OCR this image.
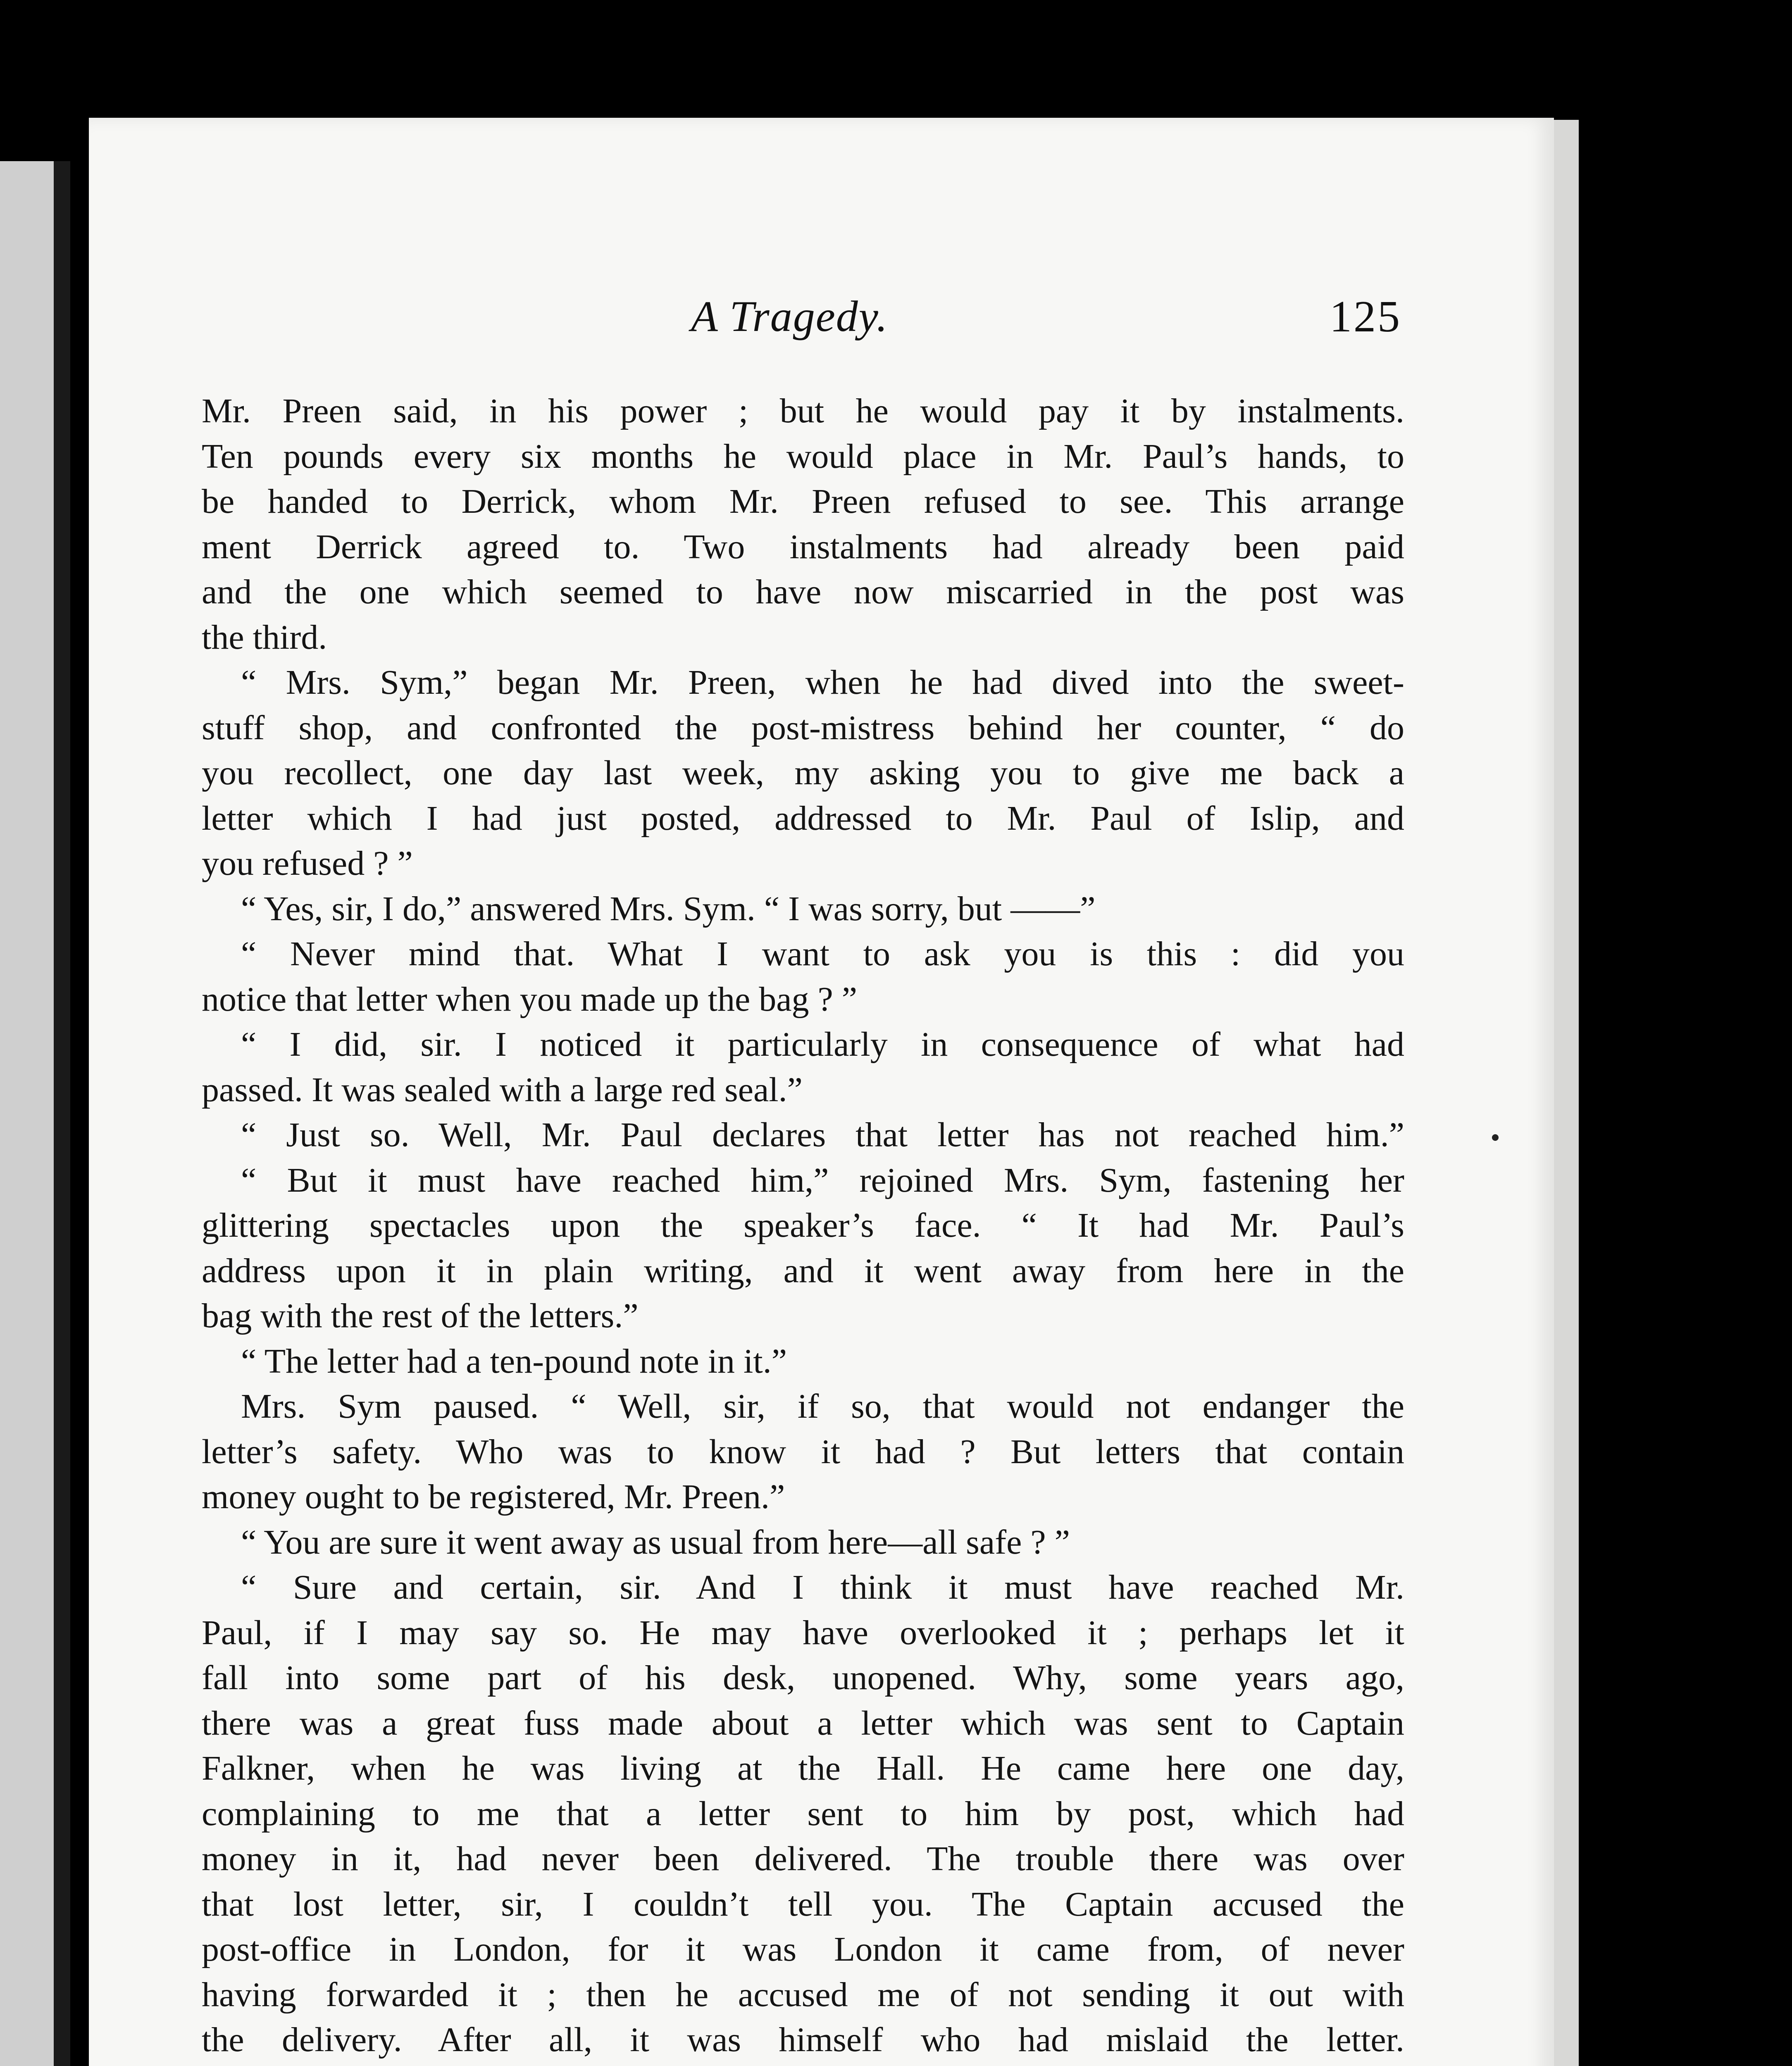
A Tragedy.	125
Mr. Preen said, in his power ; but he would pay it by instalments.
Ten pounds every six months he would place in Mr. Paul’s hands, to
be handed to Derrick, whom Mr. Preen refused to see. This arrange
ment Derrick agreed to. Two instalments had already been paid
and the one which seemed to have now miscarried in the post was
the third.
“ Mrs. Sym,” began Mr. Preen, when he had dived into the sweet-
stuff shop, and confronted the post-mistress behind her counter, “ do
you recollect, one day last week, my asking you to give me back a
letter which I had just posted, addressed to Mr. Paul of Islip, and
you refused ? ”
“ Yes, sir, I do,” answered Mrs. Sym. “ I was sorry, but ——”
“ Never mind that. What I want to ask you is this : did you
notice that letter when you made up the bag ? ”
“ I did, sir. I noticed it particularly in consequence of what had
passed. It was sealed with a large red seal.”
“ Just so. Well, Mr. Paul declares that letter has not reached him.”
“ But it must have reached him,” rejoined Mrs. Sym, fastening her
glittering spectacles upon the speaker’s face. “ It had Mr. Paul’s
address upon it in plain writing, and it went away from here in the
bag with the rest of the letters.”
“ The letter had a ten-pound note in it.”
Mrs. Sym paused. “ Well, sir, if so, that would not endanger the
letter’s safety. Who was to know it had ? But letters that contain
money ought to be registered, Mr. Preen.”
“ You are sure it went away as usual from here—all safe ? ”
“ Sure and certain, sir. And I think it must have reached Mr.
Paul, if I may say so. He may have overlooked it ; perhaps let it
fall into some part of his desk, unopened. Why, some years ago,
there was a great fuss made about a letter which was sent to Captain
Falkner, when he was living at the Hall. He came here one day,
complaining to me that a letter sent to him by post, which had
money in it, had never been delivered. The trouble there was over
that lost letter, sir, I couldn’t tell you. The Captain accused the
post-office in London, for it was London it came from, of never
having forwarded it ; then he accused me of not sending it out with
the delivery. After all, it was himself who had mislaid the letter.
